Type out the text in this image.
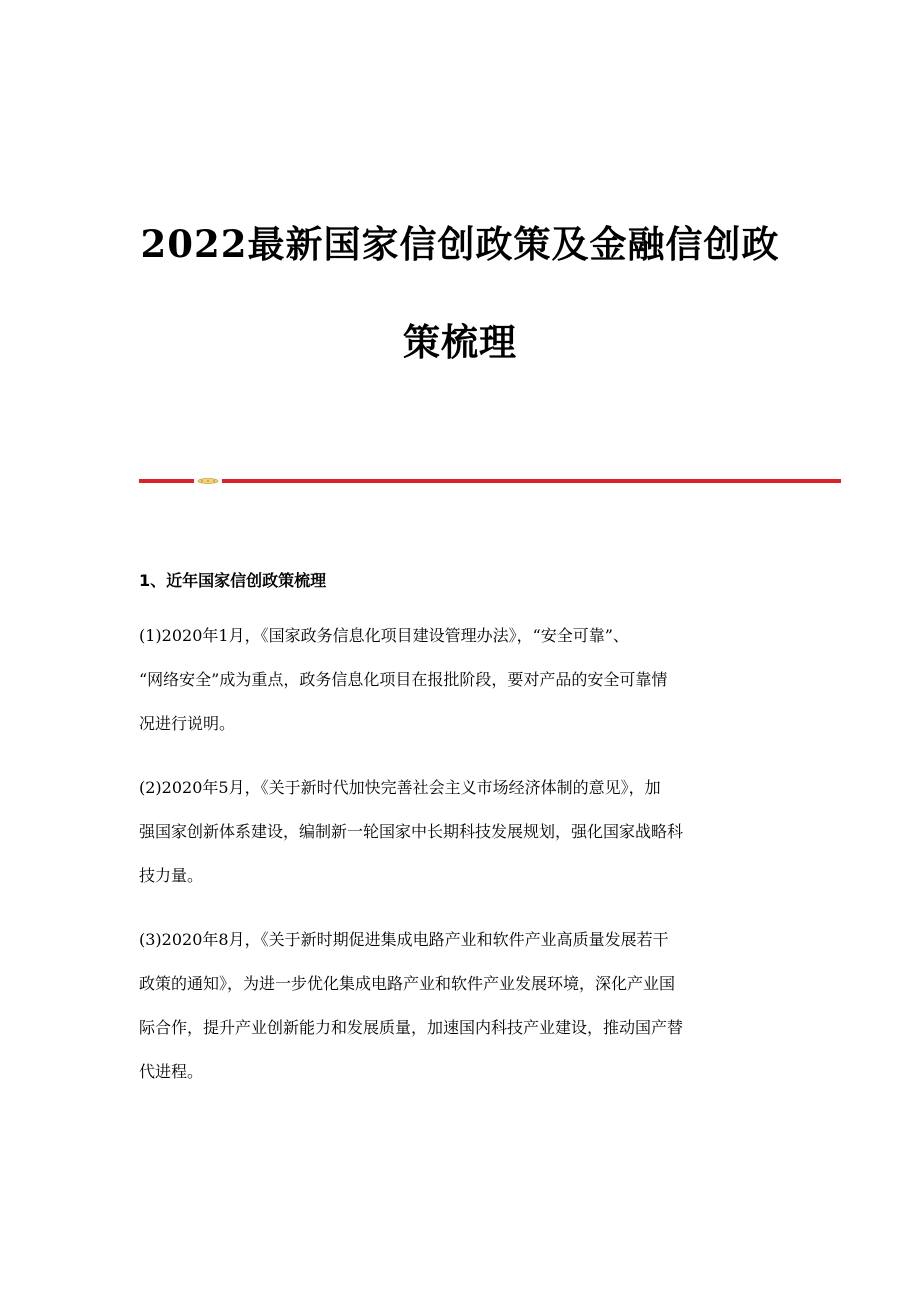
2022最新国家信创政策及金融信创政
策梳理
1、近年国家信创政策梳理
(1)2020年1月，《国家政务信息化项目建设管理办法》，“安全可靠”、
“网络安全”成为重点，政务信息化项目在报批阶段，要对产品的安全可靠情
况进行说明。
(2)2020年5月，《关于新时代加快完善社会主义市场经济体制的意见》，加
强国家创新体系建设，编制新一轮国家中长期科技发展规划，强化国家战略科
技力量。
(3)2020年8月，《关于新时期促进集成电路产业和软件产业高质量发展若干
政策的通知》，为进一步优化集成电路产业和软件产业发展环境，深化产业国
际合作，提升产业创新能力和发展质量，加速国内科技产业建设，推动国产替
代进程。
